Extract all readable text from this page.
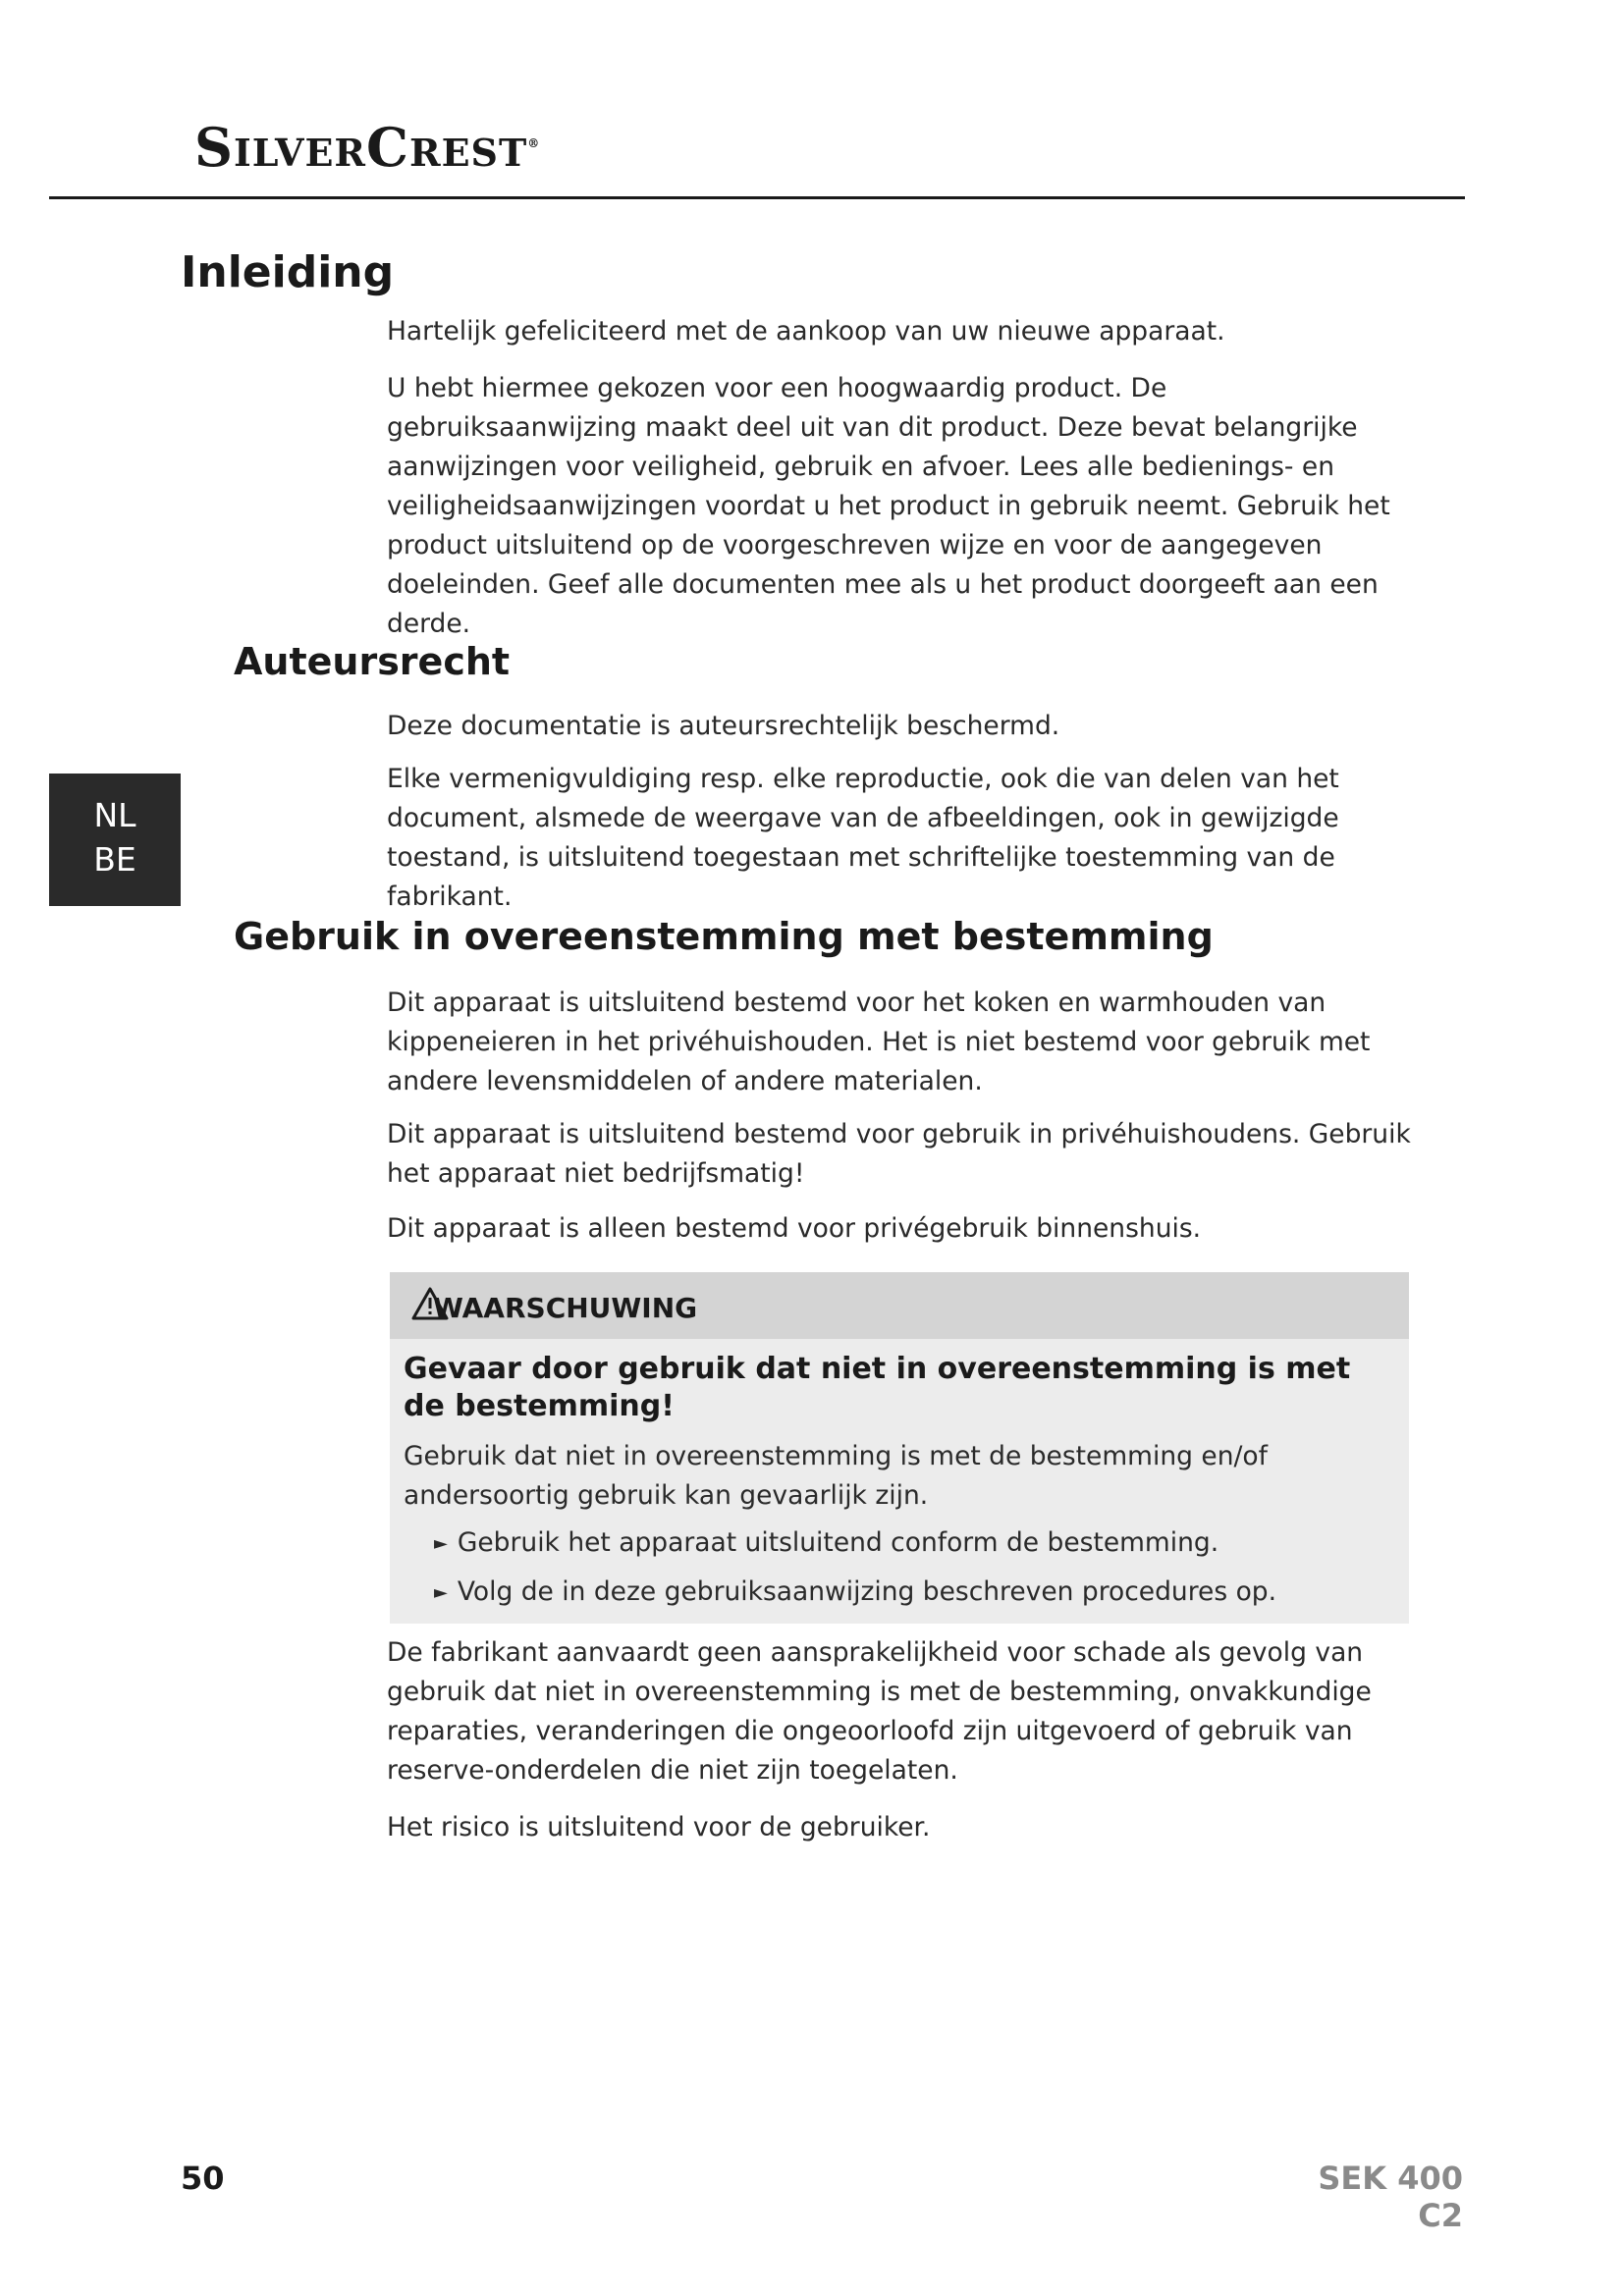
SilverCrest®
NL
BE
Inleiding

Hartelijk gefeliciteerd met de aankoop van uw nieuwe apparaat.

U hebt hiermee gekozen voor een hoogwaardig product. De gebruiksaanwijzing maakt deel uit van dit product. Deze bevat belangrijke aanwijzingen voor veiligheid, gebruik en afvoer. Lees alle bedienings- en veiligheidsaanwijzingen voordat u het product in gebruik neemt. Gebruik het product uitsluitend op de voorgeschreven wijze en voor de aangegeven doeleinden. Geef alle documenten mee als u het product doorgeeft aan een derde.

Auteursrecht

Deze documentatie is auteursrechtelijk beschermd.

Elke vermenigvuldiging resp. elke reproductie, ook die van delen van het document, alsmede de weergave van de afbeeldingen, ook in gewijzigde toestand, is uitsluitend toegestaan met schriftelijke toestemming van de fabrikant.

Gebruik in overeenstemming met bestemming

Dit apparaat is uitsluitend bestemd voor het koken en warmhouden van kippeneieren in het privéhuishouden. Het is niet bestemd voor gebruik met andere levensmiddelen of andere materialen.

Dit apparaat is uitsluitend bestemd voor gebruik in privéhuishoudens. Gebruik het apparaat niet bedrijfsmatig!

Dit apparaat is alleen bestemd voor privégebruik binnenshuis.

WAARSCHUWING

Gevaar door gebruik dat niet in overeenstemming is met de bestemming!

Gebruik dat niet in overeenstemming is met de bestemming en/of andersoortig gebruik kan gevaarlijk zijn.

► Gebruik het apparaat uitsluitend conform de bestemming.
► Volg de in deze gebruiksaanwijzing beschreven procedures op.

De fabrikant aanvaardt geen aansprakelijkheid voor schade als gevolg van gebruik dat niet in overeenstemming is met de bestemming, onvakkundige reparaties, veranderingen die ongeoorloofd zijn uitgevoerd of gebruik van reserve-onderdelen die niet zijn toegelaten.

Het risico is uitsluitend voor de gebruiker.

50	SEK 400 C2
